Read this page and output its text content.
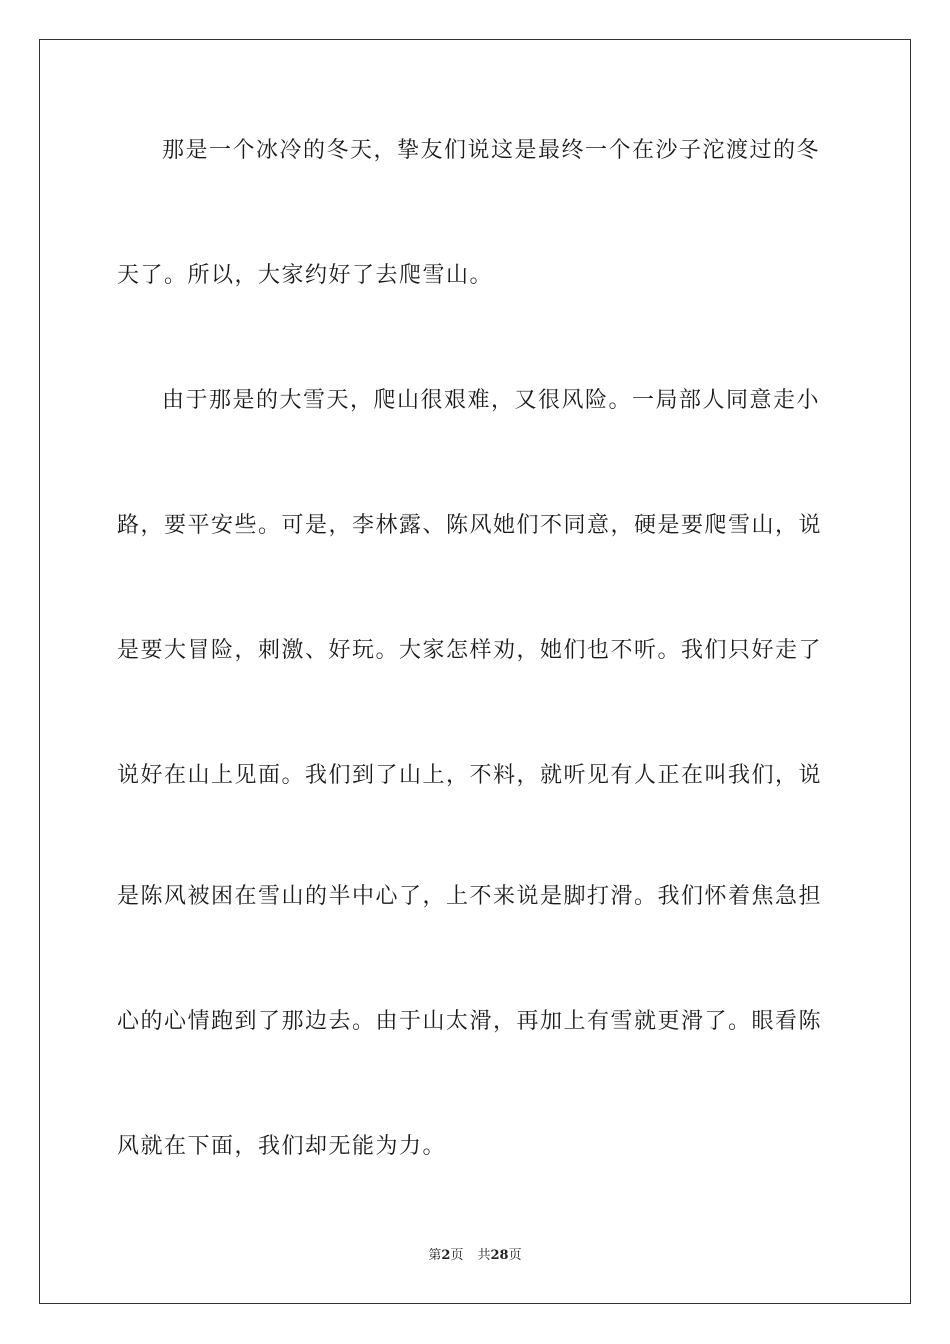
那是一个冰冷的冬天，挚友们说这是最终一个在沙子沱渡过的冬
天了。所以，大家约好了去爬雪山。
由于那是的大雪天，爬山很艰难，又很风险。一局部人同意走小
路，要平安些。可是，李林露、陈风她们不同意，硬是要爬雪山，说
是要大冒险，刺激、好玩。大家怎样劝，她们也不听。我们只好走了
说好在山上见面。我们到了山上，不料，就听见有人正在叫我们，说
是陈风被困在雪山的半中心了，上不来说是脚打滑。我们怀着焦急担
心的心情跑到了那边去。由于山太滑，再加上有雪就更滑了。眼看陈
风就在下面，我们却无能为力。
第2页 共28页
